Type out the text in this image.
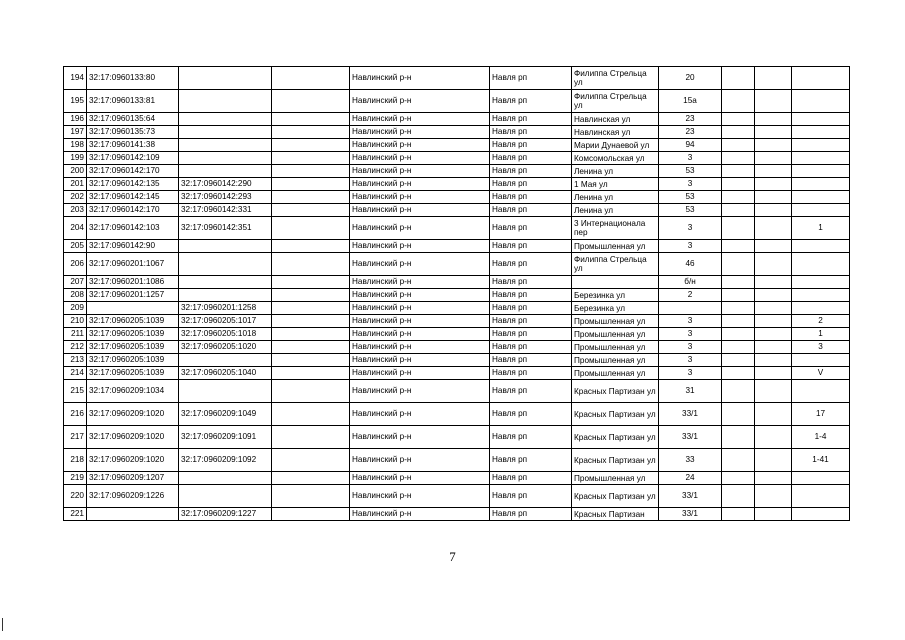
194	32:17:0960133:80			Навлинский р-н	Навля рп	Филиппа Стрельца ул	20			
195	32:17:0960133:81			Навлинский р-н	Навля рп	Филиппа Стрельца ул	15а			
196	32:17:0960135:64			Навлинский р-н	Навля рп	Навлинская ул	23			
197	32:17:0960135:73			Навлинский р-н	Навля рп	Навлинская ул	23			
198	32:17:0960141:38			Навлинский р-н	Навля рп	Марии Дунаевой ул	94			
199	32:17:0960142:109			Навлинский р-н	Навля рп	Комсомольская ул	3			
200	32:17:0960142:170			Навлинский р-н	Навля рп	Ленина ул	53			
201	32:17:0960142:135	32:17:0960142:290		Навлинский р-н	Навля рп	1 Мая ул	3			
202	32:17:0960142:145	32:17:0960142:293		Навлинский р-н	Навля рп	Ленина ул	53			
203	32:17:0960142:170	32:17:0960142:331		Навлинский р-н	Навля рп	Ленина ул	53			
204	32:17:0960142:103	32:17:0960142:351		Навлинский р-н	Навля рп	3 Интернационала пер	3			1
205	32:17:0960142:90			Навлинский р-н	Навля рп	Промышленная ул	3			
206	32:17:0960201:1067			Навлинский р-н	Навля рп	Филиппа Стрельца ул	46			
207	32:17:0960201:1086			Навлинский р-н	Навля рп		б/н			
208	32:17:0960201:1257			Навлинский р-н	Навля рп	Березинка ул	2			
209		32:17:0960201:1258		Навлинский р-н	Навля рп	Березинка ул				
210	32:17:0960205:1039	32:17:0960205:1017		Навлинский р-н	Навля рп	Промышленная ул	3			2
211	32:17:0960205:1039	32:17:0960205:1018		Навлинский р-н	Навля рп	Промышленная ул	3			1
212	32:17:0960205:1039	32:17:0960205:1020		Навлинский р-н	Навля рп	Промышленная ул	3			3
213	32:17:0960205:1039			Навлинский р-н	Навля рп	Промышленная ул	3			
214	32:17:0960205:1039	32:17:0960205:1040		Навлинский р-н	Навля рп	Промышленная ул	3			V
215	32:17:0960209:1034			Навлинский р-н	Навля рп	Красных Партизан ул	31			
216	32:17:0960209:1020	32:17:0960209:1049		Навлинский р-н	Навля рп	Красных Партизан ул	33/1			17
217	32:17:0960209:1020	32:17:0960209:1091		Навлинский р-н	Навля рп	Красных Партизан ул	33/1			1-4
218	32:17:0960209:1020	32:17:0960209:1092		Навлинский р-н	Навля рп	Красных Партизан ул	33			1-41
219	32:17:0960209:1207			Навлинский р-н	Навля рп	Промышленная ул	24			
220	32:17:0960209:1226			Навлинский р-н	Навля рп	Красных Партизан ул	33/1			
221		32:17:0960209:1227		Навлинский р-н	Навля рп	Красных Партизан	33/1			
7
